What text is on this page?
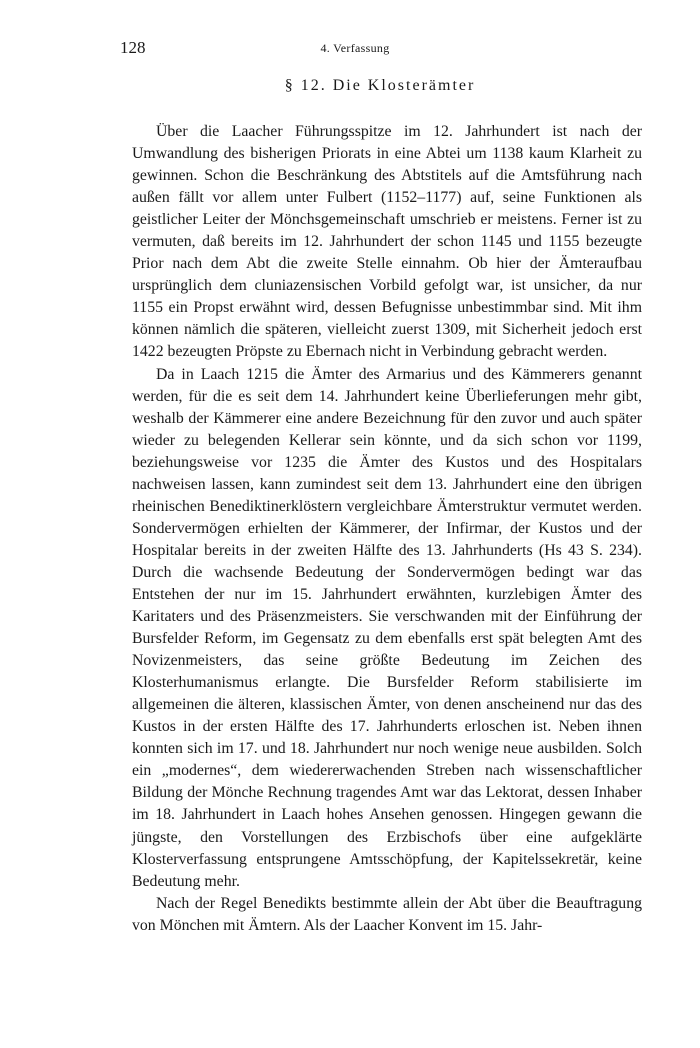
128	4. Verfassung
§ 12. Die Klosterämter

Über die Laacher Führungsspitze im 12. Jahrhundert ist nach der Umwandlung des bisherigen Priorats in eine Abtei um 1138 kaum Klarheit zu gewinnen. Schon die Beschränkung des Abtstitels auf die Amtsführung nach außen fällt vor allem unter Fulbert (1152–1177) auf, seine Funktionen als geistlicher Leiter der Mönchsgemeinschaft umschrieb er meistens. Ferner ist zu vermuten, daß bereits im 12. Jahrhundert der schon 1145 und 1155 bezeugte Prior nach dem Abt die zweite Stelle einnahm. Ob hier der Ämteraufbau ursprünglich dem cluniazensischen Vorbild gefolgt war, ist unsicher, da nur 1155 ein Propst erwähnt wird, dessen Befugnisse unbestimmbar sind. Mit ihm können nämlich die späteren, vielleicht zuerst 1309, mit Sicherheit jedoch erst 1422 bezeugten Pröpste zu Ebernach nicht in Verbindung gebracht werden.

Da in Laach 1215 die Ämter des Armarius und des Kämmerers genannt werden, für die es seit dem 14. Jahrhundert keine Überlieferungen mehr gibt, weshalb der Kämmerer eine andere Bezeichnung für den zuvor und auch später wieder zu belegenden Kellerar sein könnte, und da sich schon vor 1199, beziehungsweise vor 1235 die Ämter des Kustos und des Hospitalars nachweisen lassen, kann zumindest seit dem 13. Jahrhundert eine den übrigen rheinischen Benediktinerklöstern vergleichbare Ämterstruktur vermutet werden. Sondervermögen erhielten der Kämmerer, der Infirmar, der Kustos und der Hospitalar bereits in der zweiten Hälfte des 13. Jahrhunderts (Hs 43 S. 234). Durch die wachsende Bedeutung der Sondervermögen bedingt war das Entstehen der nur im 15. Jahrhundert erwähnten, kurzlebigen Ämter des Karitaters und des Präsenzmeisters. Sie verschwanden mit der Einführung der Bursfelder Reform, im Gegensatz zu dem ebenfalls erst spät belegten Amt des Novizenmeisters, das seine größte Bedeutung im Zeichen des Klosterhumanismus erlangte. Die Bursfelder Reform stabilisierte im allgemeinen die älteren, klassischen Ämter, von denen anscheinend nur das des Kustos in der ersten Hälfte des 17. Jahrhunderts erloschen ist. Neben ihnen konnten sich im 17. und 18. Jahrhundert nur noch wenige neue ausbilden. Solch ein „modernes“, dem wiedererwachenden Streben nach wissenschaftlicher Bildung der Mönche Rechnung tragendes Amt war das Lektorat, dessen Inhaber im 18. Jahrhundert in Laach hohes Ansehen genossen. Hingegen gewann die jüngste, den Vorstellungen des Erzbischofs über eine aufgeklärte Klosterverfassung entsprungene Amtsschöpfung, der Kapitelssekretär, keine Bedeutung mehr.

Nach der Regel Benedikts bestimmte allein der Abt über die Beauftragung von Mönchen mit Ämtern. Als der Laacher Konvent im 15. Jahr-
